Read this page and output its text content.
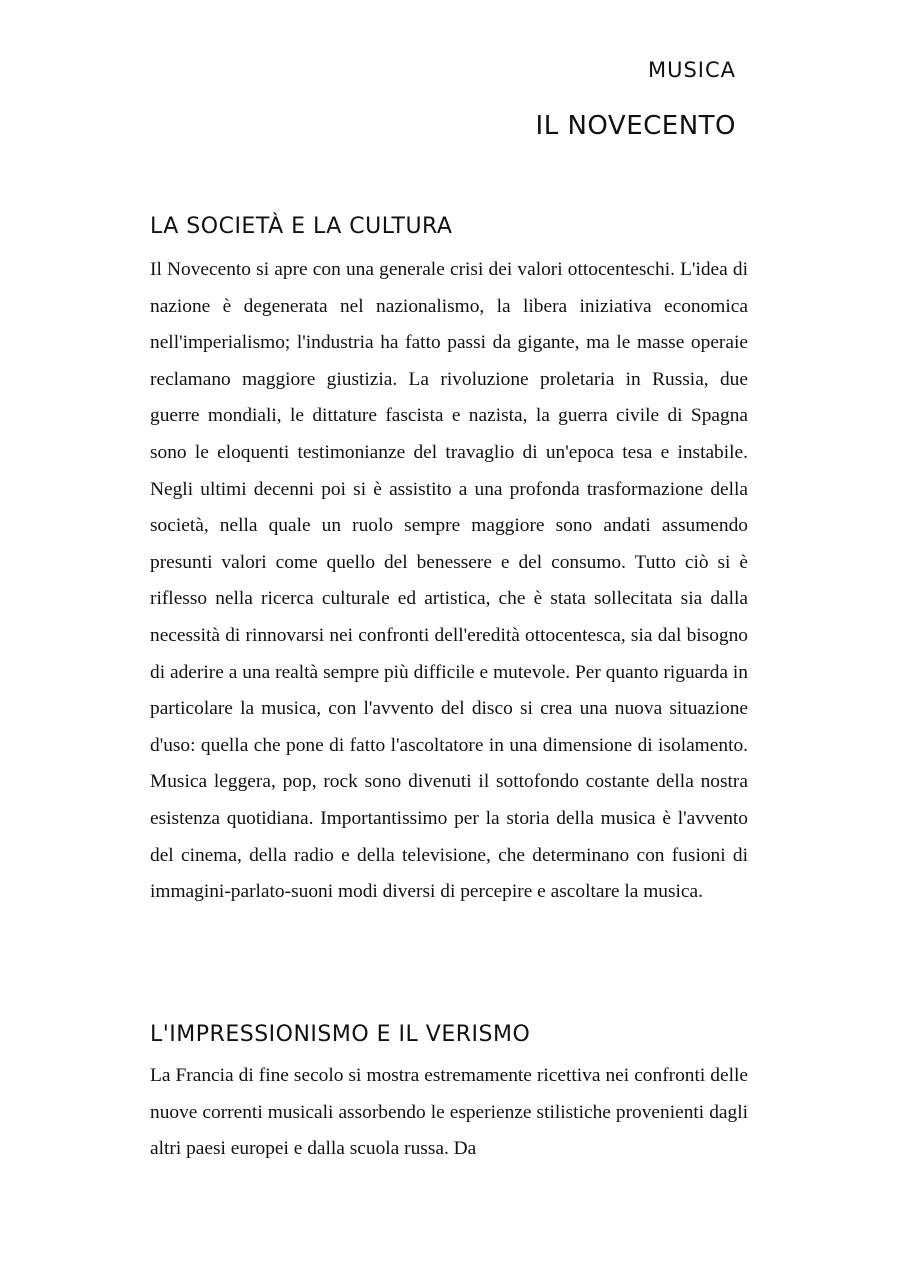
MUSICA
IL NOVECENTO
LA SOCIETÀ E LA CULTURA

Il Novecento si apre con una generale crisi dei valori ottocenteschi. L'idea di nazione è degenerata nel nazionalismo, la libera iniziativa economica nell'imperialismo; l'industria ha fatto passi da gigante, ma le masse operaie reclamano maggiore giustizia. La rivoluzione proletaria in Russia, due guerre mondiali, le dittature fascista e nazista, la guerra civile di Spagna sono le eloquenti testimonianze del travaglio di un'epoca tesa e instabile. Negli ultimi decenni poi si è assistito a una profonda trasformazione della società, nella quale un ruolo sempre maggiore sono andati assumendo presunti valori come quello del benessere e del consumo. Tutto ciò si è riflesso nella ricerca culturale ed artistica, che è stata sollecitata sia dalla necessità di rinnovarsi nei confronti dell'eredità ottocentesca, sia dal bisogno di aderire a una realtà sempre più difficile e mutevole. Per quanto riguarda in particolare la musica, con l'avvento del disco si crea una nuova situazione d'uso: quella che pone di fatto l'ascoltatore in una dimensione di isolamento. Musica leggera, pop, rock sono divenuti il sottofondo costante della nostra esistenza quotidiana. Importantissimo per la storia della musica è l'avvento del cinema, della radio e della televisione, che determinano con fusioni di immagini-parlato-suoni modi diversi di percepire e ascoltare la musica.

L'IMPRESSIONISMO E IL VERISMO

La Francia di fine secolo si mostra estremamente ricettiva nei confronti delle nuove correnti musicali assorbendo le esperienze stilistiche provenienti dagli altri paesi europei e dalla scuola russa. Da
